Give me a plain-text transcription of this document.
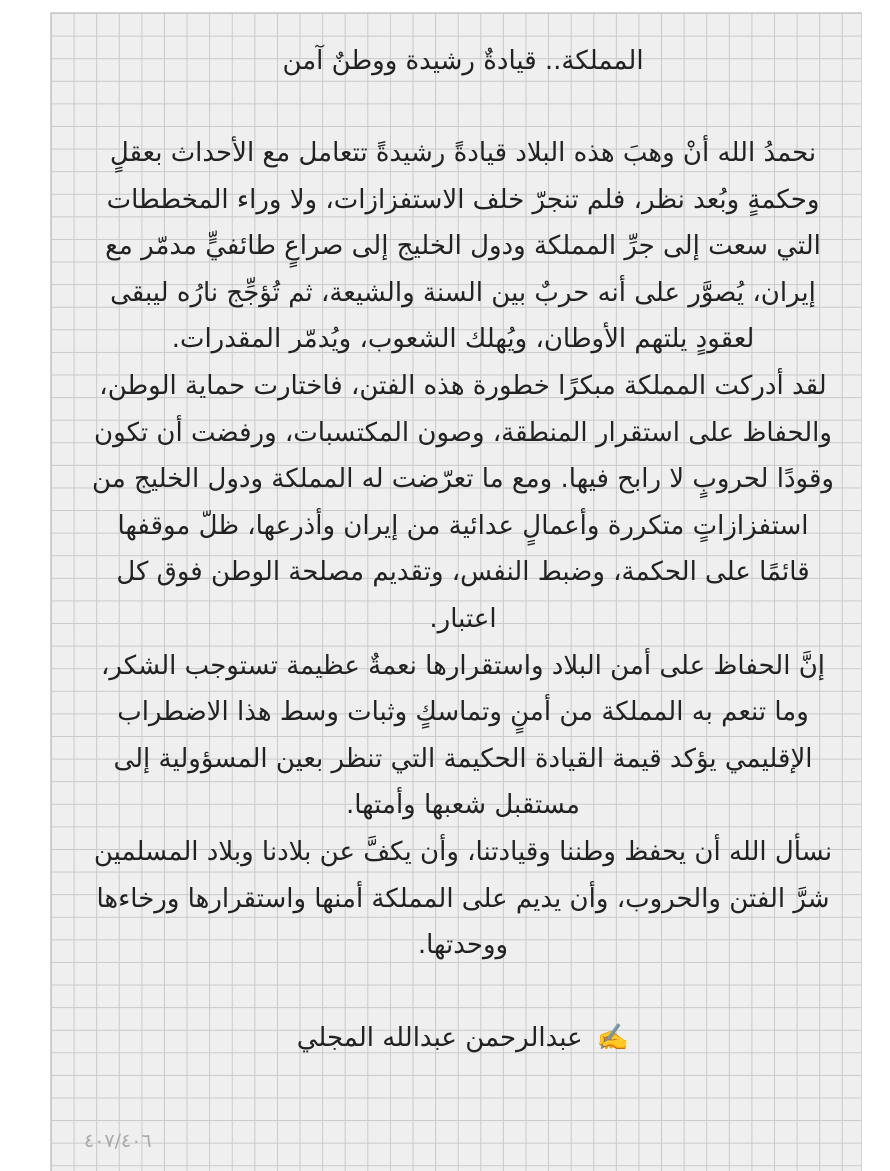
المملكة.. قيادةٌ رشيدة ووطنٌ آمن

نحمدُ الله أنْ وهبَ هذه البلاد قيادةً رشيدةً تتعامل مع الأحداث بعقلٍ وحكمةٍ وبُعد نظر، فلم تنجرّ خلف الاستفزازات، ولا وراء المخططات التي سعت إلى جرِّ المملكة ودول الخليج إلى صراعٍ طائفيٍّ مدمّر مع إيران، يُصوَّر على أنه حربٌ بين السنة والشيعة، ثم تُؤجِّج نارُه ليبقى لعقودٍ يلتهم الأوطان، ويُهلك الشعوب، ويُدمّر المقدرات.

لقد أدركت المملكة مبكرًا خطورة هذه الفتن، فاختارت حماية الوطن، والحفاظ على استقرار المنطقة، وصون المكتسبات، ورفضت أن تكون وقودًا لحروبٍ لا رابح فيها. ومع ما تعرّضت له المملكة ودول الخليج من استفزازاتٍ متكررة وأعمالٍ عدائية من إيران وأذرعها، ظلّ موقفها قائمًا على الحكمة، وضبط النفس، وتقديم مصلحة الوطن فوق كل اعتبار.

إنَّ الحفاظ على أمن البلاد واستقرارها نعمةٌ عظيمة تستوجب الشكر، وما تنعم به المملكة من أمنٍ وتماسكٍ وثبات وسط هذا الاضطراب الإقليمي يؤكد قيمة القيادة الحكيمة التي تنظر بعين المسؤولية إلى مستقبل شعبها وأمتها.

نسأل الله أن يحفظ وطننا وقيادتنا، وأن يكفَّ عن بلادنا وبلاد المسلمين شرَّ الفتن والحروب، وأن يديم على المملكة أمنها واستقرارها ورخاءها ووحدتها.

✍️ عبدالرحمن عبدالله المجلي

٤٠٧/٤٠٦
